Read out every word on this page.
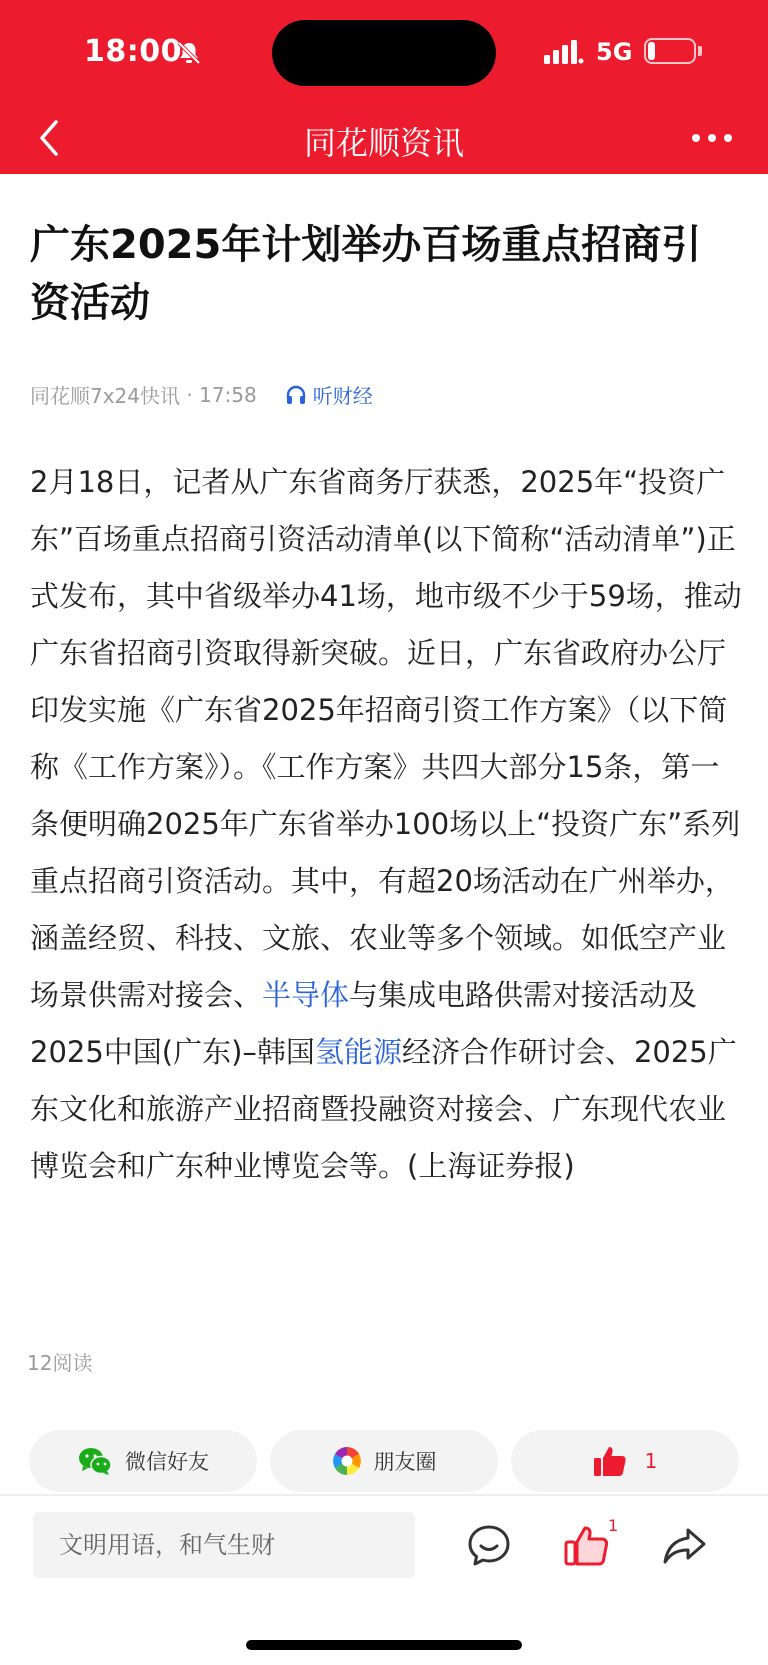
18:00	5G
同花顺资讯
广东2025年计划举办百场重点招商引资活动
同花顺7x24快讯 · 17:58	听财经

2月18日，记者从广东省商务厅获悉，2025年“投资广东”百场重点招商引资活动清单(以下简称“活动清单”)正式发布，其中省级举办41场，地市级不少于59场，推动广东省招商引资取得新突破。近日，广东省政府办公厅印发实施《广东省2025年招商引资工作方案》（以下简称《工作方案》）。《工作方案》共四大部分15条，第一条便明确2025年广东省举办100场以上“投资广东”系列重点招商引资活动。其中，有超20场活动在广州举办，涵盖经贸、科技、文旅、农业等多个领域。如低空产业场景供需对接会、半导体与集成电路供需对接活动及2025中国(广东)–韩国氢能源经济合作研讨会、2025广东文化和旅游产业招商暨投融资对接会、广东现代农业博览会和广东种业博览会等。(上海证券报)

12阅读
微信好友	朋友圈	1
文明用语，和气生财
1
